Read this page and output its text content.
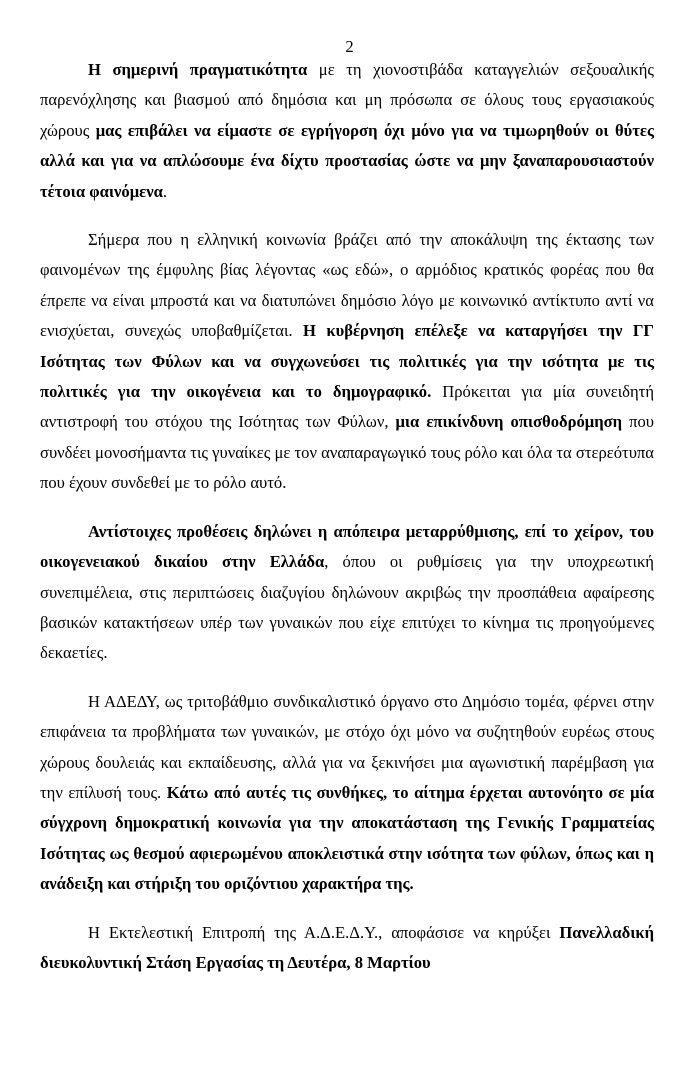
2

Η σημερινή πραγματικότητα με τη χιονοστιβάδα καταγγελιών σεξουαλικής παρενόχλησης και βιασμού από δημόσια και μη πρόσωπα σε όλους τους εργασιακούς χώρους μας επιβάλει να είμαστε σε εγρήγορση όχι μόνο για να τιμωρηθούν οι θύτες αλλά και για να απλώσουμε ένα δίχτυ προστασίας ώστε να μην ξαναπαρουσιαστούν τέτοια φαινόμενα.

Σήμερα που η ελληνική κοινωνία βράζει από την αποκάλυψη της έκτασης των φαινομένων της έμφυλης βίας λέγοντας «ως εδώ», ο αρμόδιος κρατικός φορέας που θα έπρεπε να είναι μπροστά και να διατυπώνει δημόσιο λόγο με κοινωνικό αντίκτυπο αντί να ενισχύεται, συνεχώς υποβαθμίζεται. Η κυβέρνηση επέλεξε να καταργήσει την ΓΓ Ισότητας των Φύλων και να συγχωνεύσει τις πολιτικές για την ισότητα με τις πολιτικές για την οικογένεια και το δημογραφικό. Πρόκειται για μία συνειδητή αντιστροφή του στόχου της Ισότητας των Φύλων, μια επικίνδυνη οπισθοδρόμηση που συνδέει μονοσήμαντα τις γυναίκες με τον αναπαραγωγικό τους ρόλο και όλα τα στερεότυπα που έχουν συνδεθεί με το ρόλο αυτό.

Αντίστοιχες προθέσεις δηλώνει η απόπειρα μεταρρύθμισης, επί το χείρον, του οικογενειακού δικαίου στην Ελλάδα, όπου οι ρυθμίσεις για την υποχρεωτική συνεπιμέλεια, στις περιπτώσεις διαζυγίου δηλώνουν ακριβώς την προσπάθεια αφαίρεσης βασικών κατακτήσεων υπέρ των γυναικών που είχε επιτύχει το κίνημα τις προηγούμενες δεκαετίες.

Η ΑΔΕΔΥ, ως τριτοβάθμιο συνδικαλιστικό όργανο στο Δημόσιο τομέα, φέρνει στην επιφάνεια τα προβλήματα των γυναικών, με στόχο όχι μόνο να συζητηθούν ευρέως στους χώρους δουλειάς και εκπαίδευσης, αλλά για να ξεκινήσει μια αγωνιστική παρέμβαση για την επίλυσή τους. Κάτω από αυτές τις συνθήκες, το αίτημα έρχεται αυτονόητο σε μία σύγχρονη δημοκρατική κοινωνία για την αποκατάσταση της Γενικής Γραμματείας Ισότητας ως θεσμού αφιερωμένου αποκλειστικά στην ισότητα των φύλων, όπως και η ανάδειξη και στήριξη του οριζόντιου χαρακτήρα της.

Η Εκτελεστική Επιτροπή της Α.Δ.Ε.Δ.Υ., αποφάσισε να κηρύξει Πανελλαδική διευκολυντική Στάση Εργασίας τη Δευτέρα, 8 Μαρτίου
